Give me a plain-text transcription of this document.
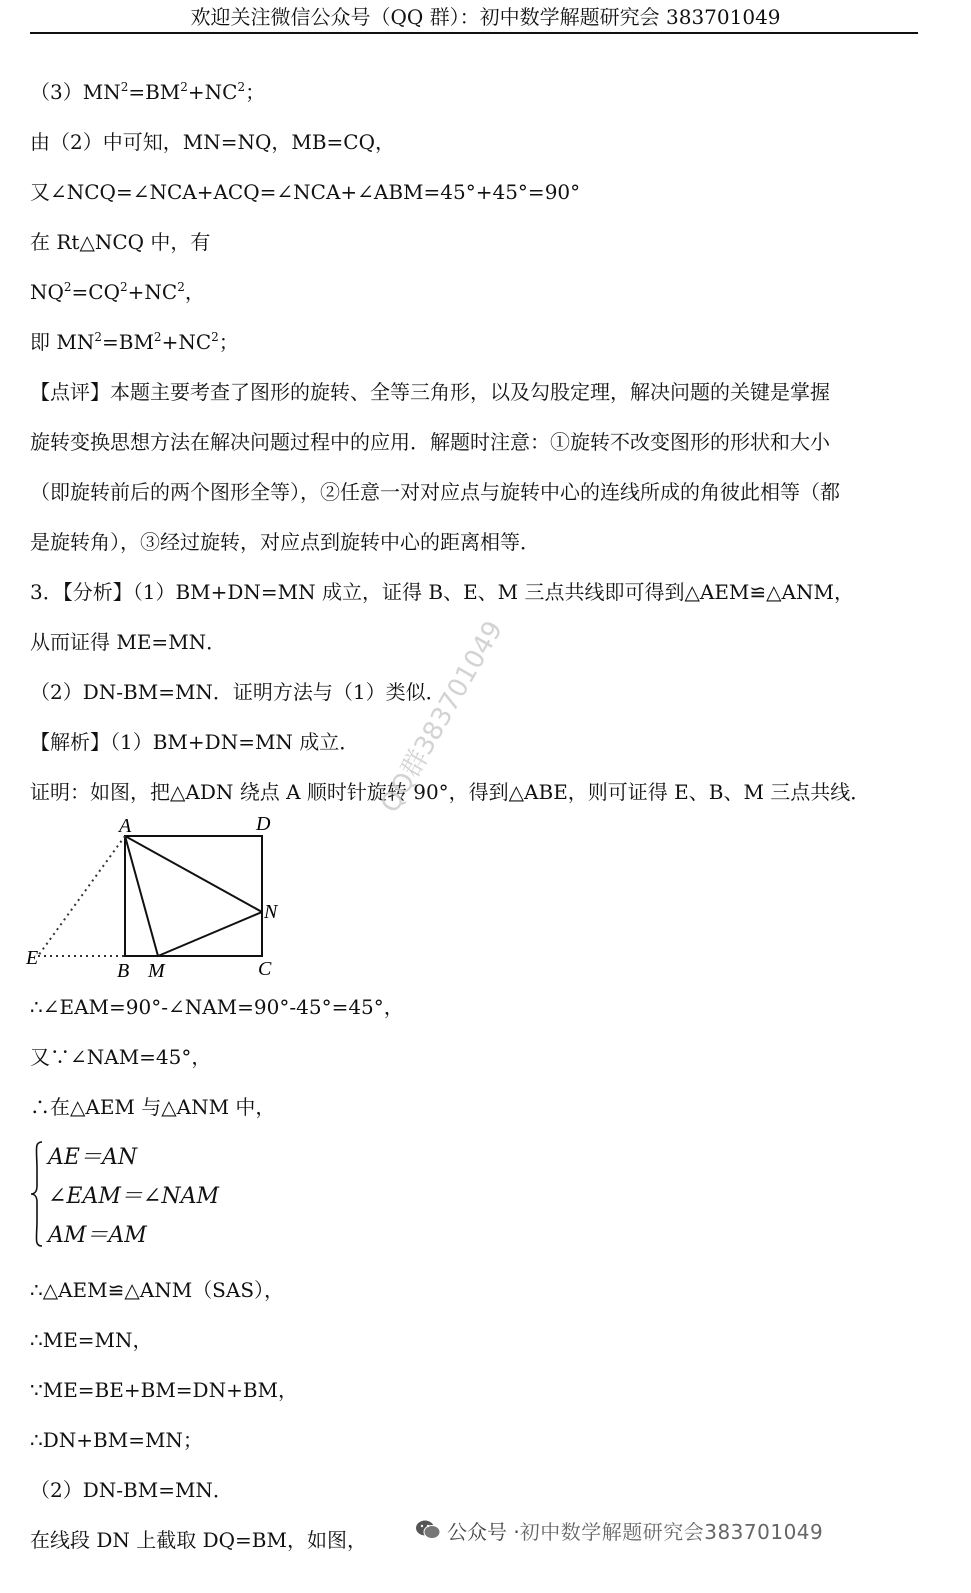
欢迎关注微信公众号（QQ 群）：初中数学解题研究会 383701049
$(3)MN^2=BM^2+NC^2$；
由（2）中可知，MN=NQ，MB=CQ，
又∠NCQ=∠NCA+ACQ=∠NCA+∠ABM=45°+45°=90°
在 Rt△NCQ 中，有
$NQ^2=CQ^2+NC^2$，
即 $MN^2=BM^2+NC^2$；
【点评】本题主要考查了图形的旋转、全等三角形，以及勾股定理，解决问题的关键是掌握
旋转变换思想方法在解决问题过程中的应用．解题时注意：①旋转不改变图形的形状和大小
（即旋转前后的两个图形全等），②任意一对对应点与旋转中心的连线所成的角彼此相等（都
是旋转角），③经过旋转，对应点到旋转中心的距离相等．
3．【分析】（1）BM+DN=MN 成立，证得 B、E、M 三点共线即可得到△AEM≌△ANM，
从而证得 ME=MN．
（2）DN-BM=MN．证明方法与（1）类似．
【解析】（1）BM+DN=MN 成立．
证明：如图，把△ADN 绕点 A 顺时针旋转 90°，得到△ABE，则可证得 E、B、M 三点共线．
A	D
N
E
B M	C
QQ群383701049
∴∠EAM=90°-∠NAM=90°-45°=45°，
又∵∠NAM=45°，
∴在△AEM 与△ANM 中，
AE＝AN
∠EAM＝∠NAM
AM＝AM
∴△AEM≌△ANM（SAS），
∴ME=MN，
∵ME=BE+BM=DN+BM，
∴DN+BM=MN；
（2）DN-BM=MN．
在线段 DN 上截取 DQ=BM，如图，	公众号 · 初中数学解题研究会383701049
